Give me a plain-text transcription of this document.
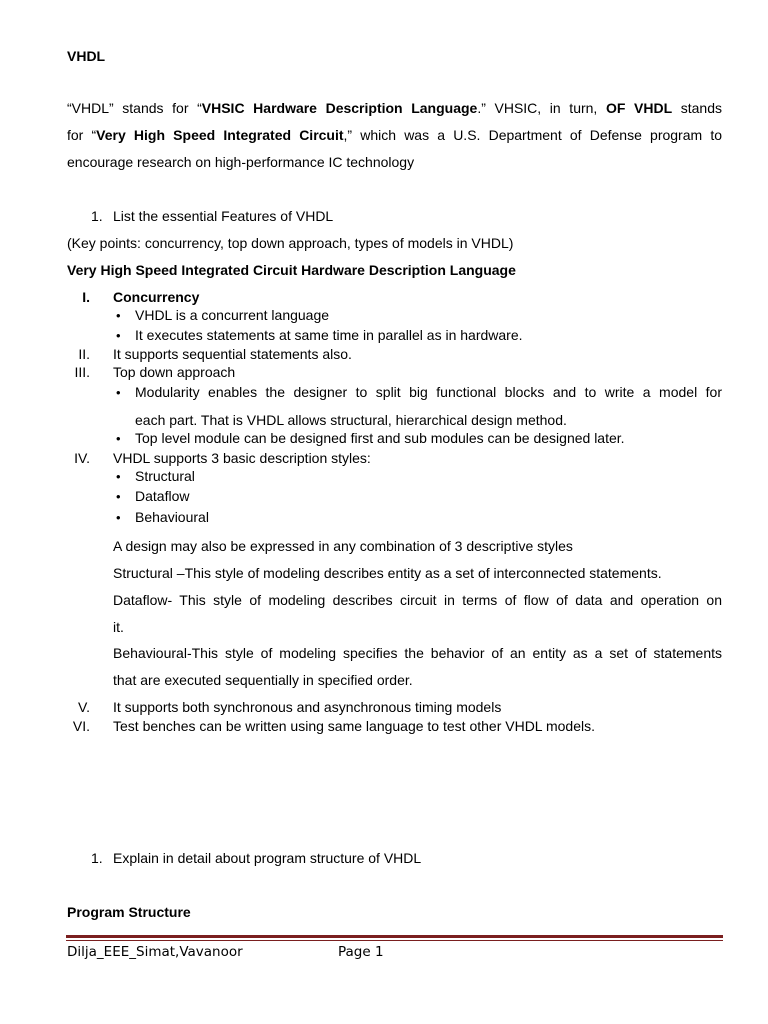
VHDL
“VHDL” stands for “VHSIC Hardware Description Language.” VHSIC, in turn, OF VHDL stands
for “Very High Speed Integrated Circuit,” which was a U.S. Department of Defense program to
encourage research on high-performance IC technology
1. List the essential Features of VHDL
(Key points: concurrency, top down approach, types of models in VHDL)
Very High Speed Integrated Circuit Hardware Description Language
I. Concurrency
• VHDL is a concurrent language
• It executes statements at same time in parallel as in hardware.
II. It supports sequential statements also.
III. Top down approach
• Modularity enables the designer to split big functional blocks and to write a model for
each part. That is VHDL allows structural, hierarchical design method.
• Top level module can be designed first and sub modules can be designed later.
IV. VHDL supports 3 basic description styles:
• Structural
• Dataflow
• Behavioural
A design may also be expressed in any combination of 3 descriptive styles
Structural –This style of modeling describes entity as a set of interconnected statements.
Dataflow- This style of modeling describes circuit in terms of flow of data and operation on
it.
Behavioural-This style of modeling specifies the behavior of an entity as a set of statements
that are executed sequentially in specified order.
V. It supports both synchronous and asynchronous timing models
VI. Test benches can be written using same language to test other VHDL models.
1. Explain in detail about program structure of VHDL
Program Structure
Dilja_EEE_Simat,Vavanoor	Page 1
